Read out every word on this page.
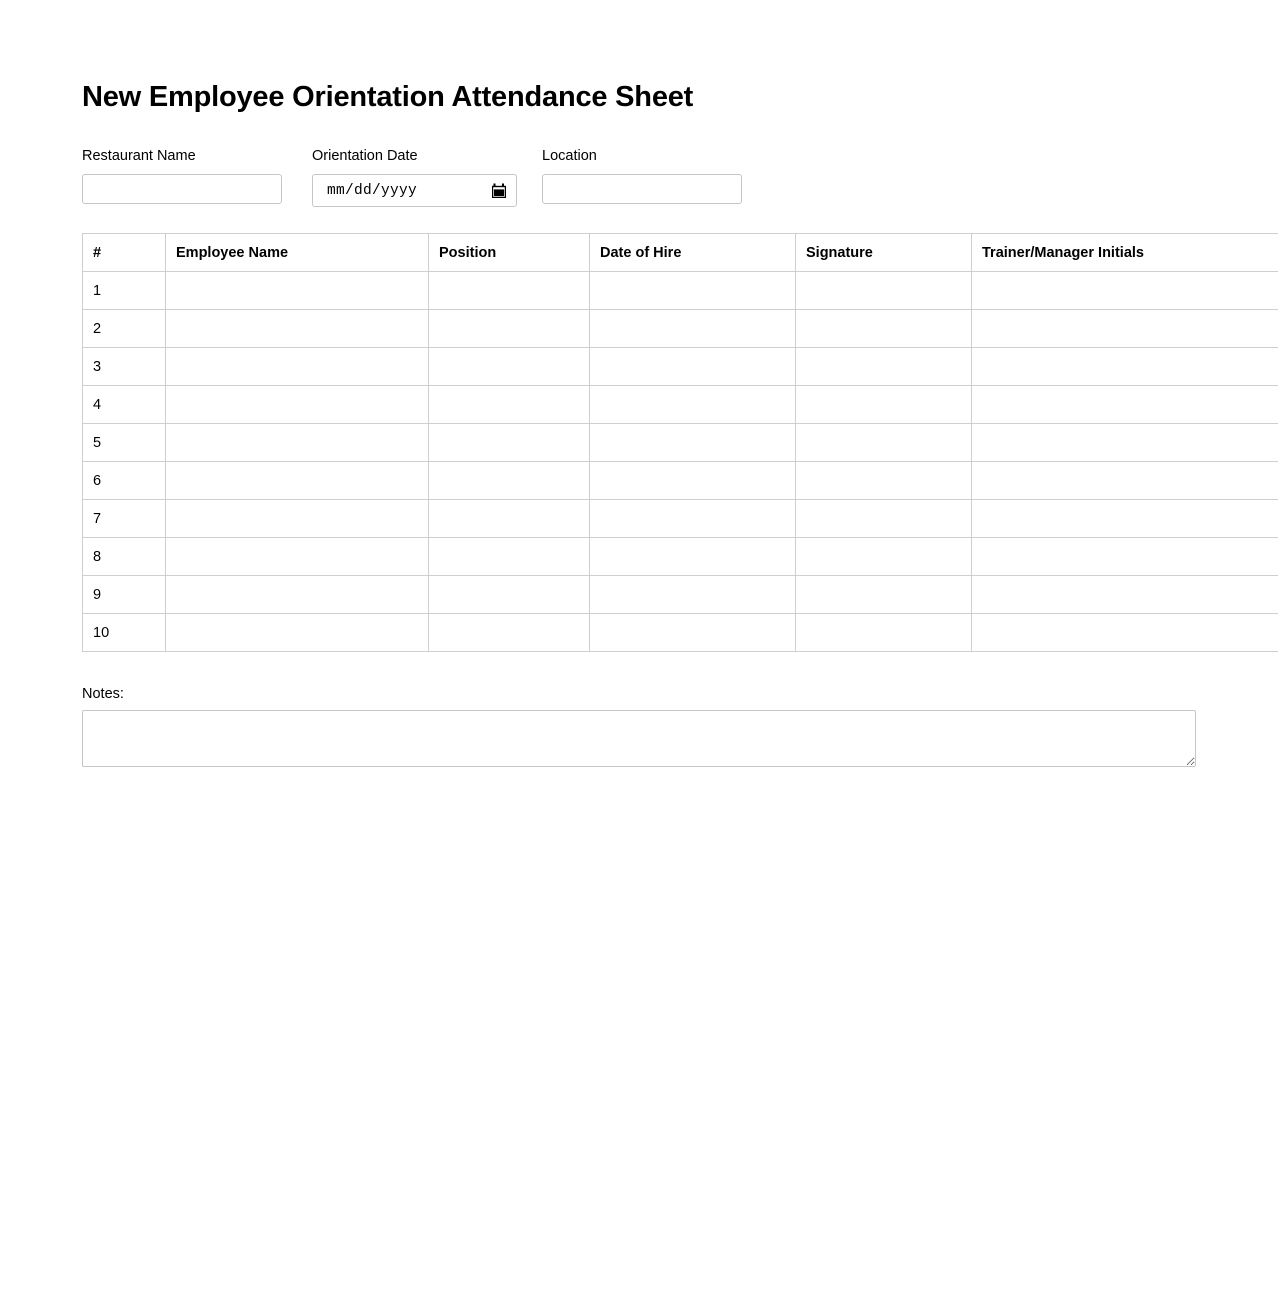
New Employee Orientation Attendance Sheet
Restaurant Name	Orientation Date
mm/dd/yyyy
Location
#	Employee Name	Position	Date of Hire	Signature	Trainer/Manager Initials
1					
2					
3					
4					
5					
6					
7					
8					
9					
10					
Notes:
